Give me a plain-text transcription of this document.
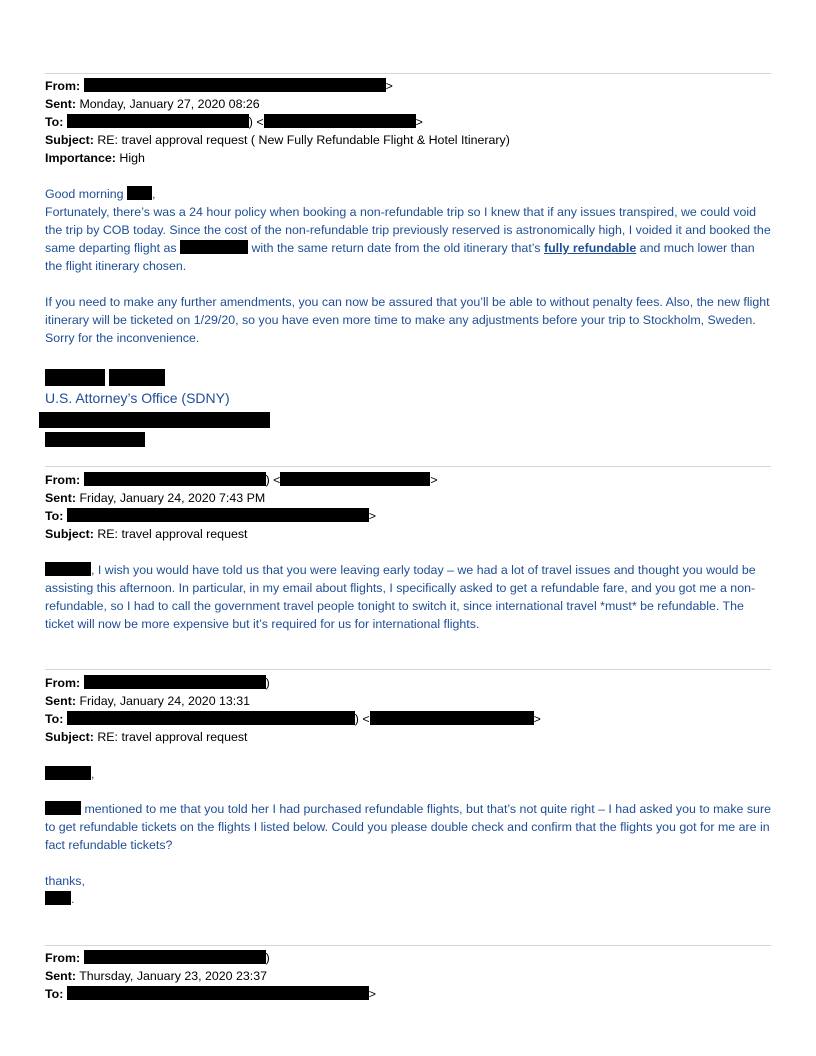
From:	>
Sent: Monday, January 27, 2020 08:26
To:	) <	>
Subject: RE: travel approval request ( New Fully Refundable Flight & Hotel Itinerary)
Importance: High
Good morning ,
Fortunately, there’s was a 24 hour policy when booking a non-refundable trip so I knew that if any issues transpired, we could void the trip by COB today. Since the cost of the non-refundable trip previously reserved is astronomically high, I voided it and booked the same departing flight as	with the same return date from the old itinerary that’s fully refundable and much lower than the flight itinerary chosen.
If you need to make any further amendments, you can now be assured that you’ll be able to without penalty fees. Also, the new flight itinerary will be ticketed on 1/29/20, so you have even more time to make any adjustments before your trip to Stockholm, Sweden. Sorry for the inconvenience.
U.S. Attorney’s Office (SDNY)
From:	) <	>
Sent: Friday, January 24, 2020 7:43 PM
To:	>
Subject: RE: travel approval request
, I wish you would have told us that you were leaving early today – we had a lot of travel issues and thought you would be assisting this afternoon. In particular, in my email about flights, I specifically asked to get a refundable fare, and you got me a non-refundable, so I had to call the government travel people tonight to switch it, since international travel *must* be refundable. The ticket will now be more expensive but it’s required for us for international flights.
From:	)
Sent: Friday, January 24, 2020 13:31
To:	) <	>
Subject: RE: travel approval request
,
mentioned to me that you told her I had purchased refundable flights, but that’s not quite right – I had asked you to make sure to get refundable tickets on the flights I listed below. Could you please double check and confirm that the flights you got for me are in fact refundable tickets?
thanks,
.
From:	)
Sent: Thursday, January 23, 2020 23:37
To:	>
